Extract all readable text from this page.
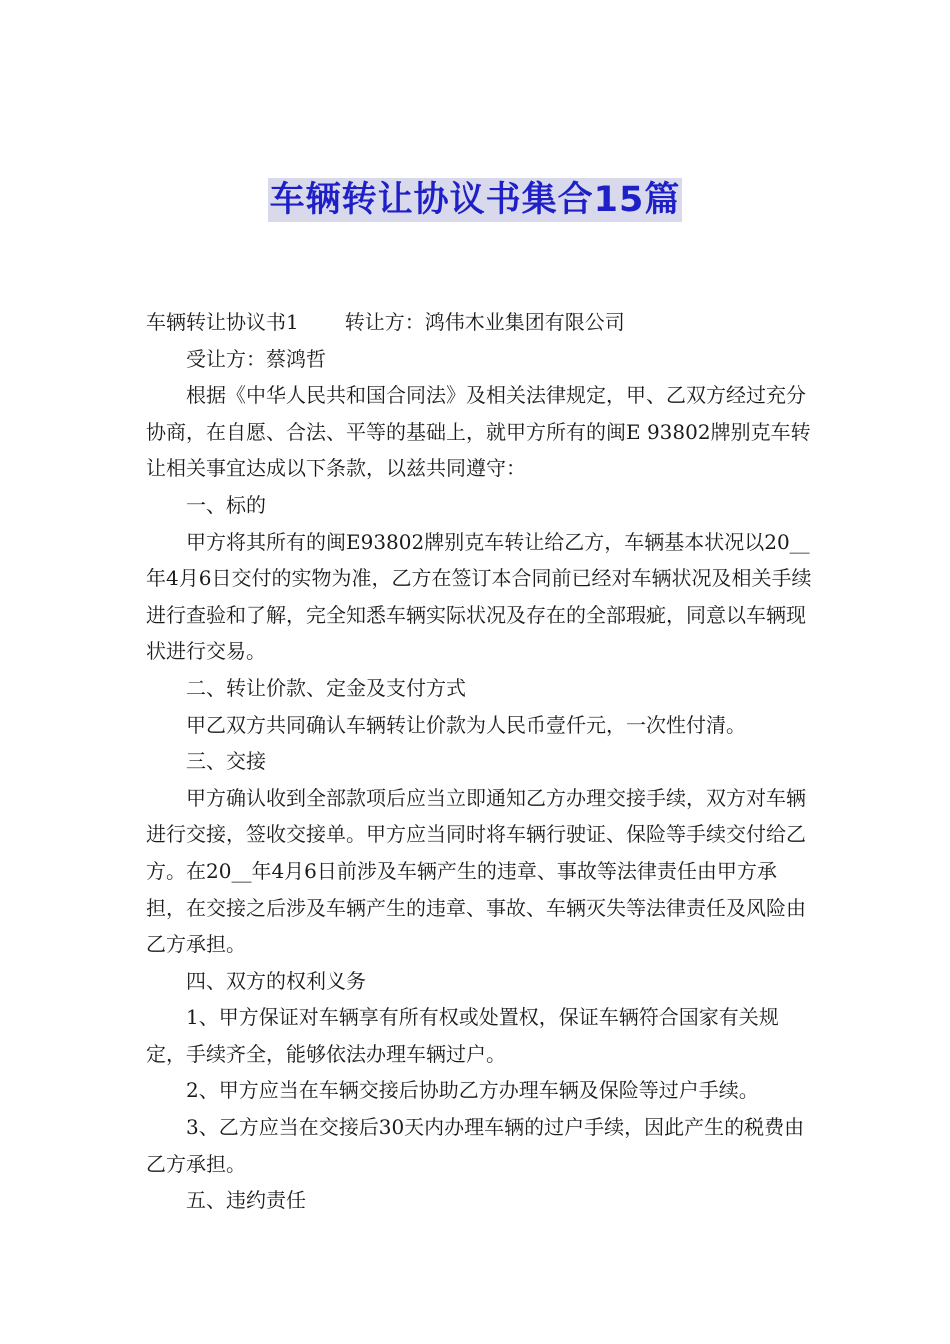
车辆转让协议书集合15篇

车辆转让协议书1 转让方：鸿伟木业集团有限公司

受让方：蔡鸿哲

根据《中华人民共和国合同法》及相关法律规定，甲、乙双方经过充分协商，在自愿、合法、平等的基础上，就甲方所有的闽E 93802牌别克车转让相关事宜达成以下条款，以兹共同遵守：

一、标的

甲方将其所有的闽E93802牌别克车转让给乙方，车辆基本状况以20__年4月6日交付的实物为准，乙方在签订本合同前已经对车辆状况及相关手续进行查验和了解，完全知悉车辆实际状况及存在的全部瑕疵，同意以车辆现状进行交易。

二、转让价款、定金及支付方式

甲乙双方共同确认车辆转让价款为人民币壹仟元，一次性付清。

三、交接

甲方确认收到全部款项后应当立即通知乙方办理交接手续，双方对车辆进行交接，签收交接单。甲方应当同时将车辆行驶证、保险等手续交付给乙方。在20__年4月6日前涉及车辆产生的违章、事故等法律责任由甲方承担，在交接之后涉及车辆产生的违章、事故、车辆灭失等法律责任及风险由乙方承担。

四、双方的权利义务

1、甲方保证对车辆享有所有权或处置权，保证车辆符合国家有关规定，手续齐全，能够依法办理车辆过户。

2、甲方应当在车辆交接后协助乙方办理车辆及保险等过户手续。

3、乙方应当在交接后30天内办理车辆的过户手续，因此产生的税费由乙方承担。

五、违约责任
